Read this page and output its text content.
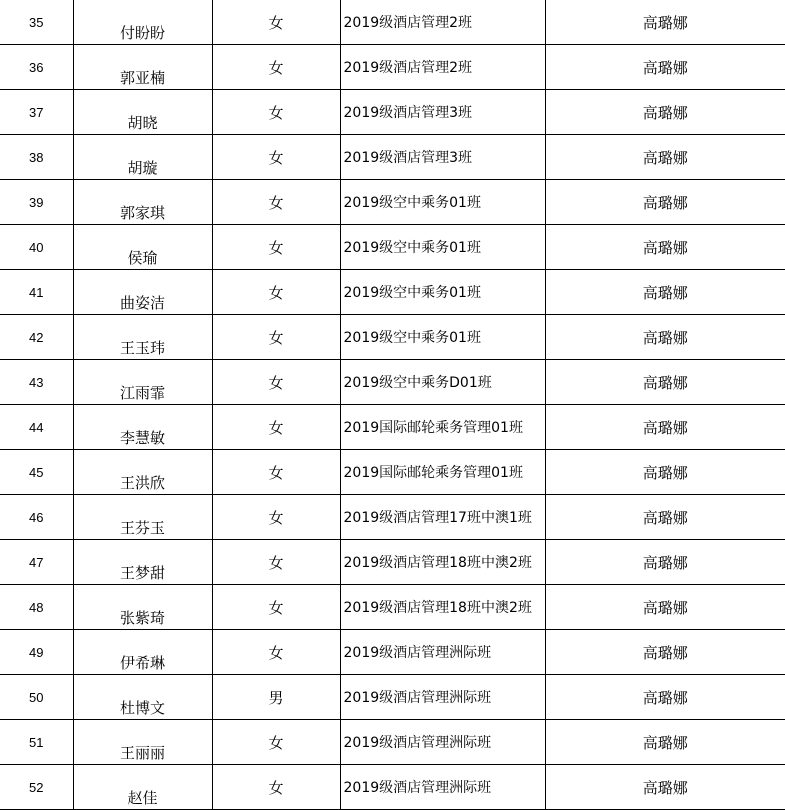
35	付盼盼	女	2019级酒店管理2班	高璐娜
36	郭亚楠	女	2019级酒店管理2班	高璐娜
37	胡晓	女	2019级酒店管理3班	高璐娜
38	胡璇	女	2019级酒店管理3班	高璐娜
39	郭家琪	女	2019级空中乘务01班	高璐娜
40	侯瑜	女	2019级空中乘务01班	高璐娜
41	曲姿洁	女	2019级空中乘务01班	高璐娜
42	王玉玮	女	2019级空中乘务01班	高璐娜
43	江雨霏	女	2019级空中乘务D01班	高璐娜
44	李慧敏	女	2019国际邮轮乘务管理01班	高璐娜
45	王洪欣	女	2019国际邮轮乘务管理01班	高璐娜
46	王芬玉	女	2019级酒店管理17班中澳1班	高璐娜
47	王梦甜	女	2019级酒店管理18班中澳2班	高璐娜
48	张紫琦	女	2019级酒店管理18班中澳2班	高璐娜
49	伊希琳	女	2019级酒店管理洲际班	高璐娜
50	杜博文	男	2019级酒店管理洲际班	高璐娜
51	王丽丽	女	2019级酒店管理洲际班	高璐娜
52	赵佳	女	2019级酒店管理洲际班	高璐娜
